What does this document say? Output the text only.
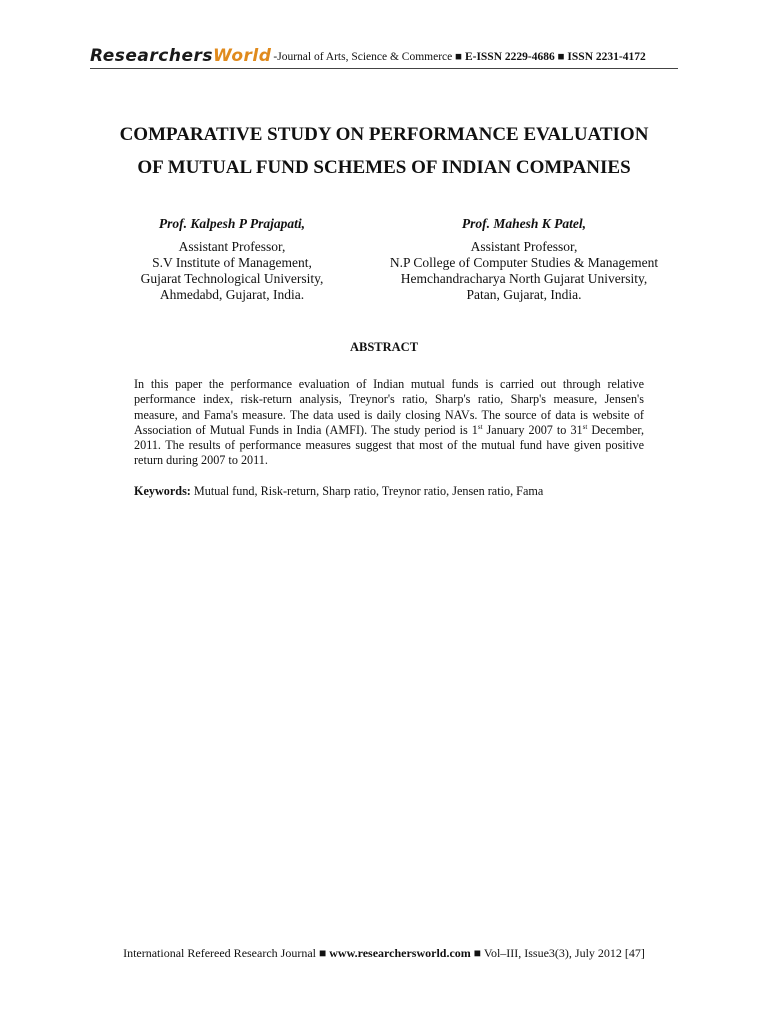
ResearchersWorld -Journal of Arts, Science & Commerce ■ E-ISSN 2229-4686 ■ ISSN 2231-4172
COMPARATIVE STUDY ON PERFORMANCE EVALUATION
OF MUTUAL FUND SCHEMES OF INDIAN COMPANIES
Prof. Kalpesh P Prajapati,
Assistant Professor,
S.V Institute of Management,
Gujarat Technological University,
Ahmedabd, Gujarat, India.
Prof. Mahesh K Patel,
Assistant Professor,
N.P College of Computer Studies & Management
Hemchandracharya North Gujarat University,
Patan, Gujarat, India.
ABSTRACT

In this paper the performance evaluation of Indian mutual funds is carried out through relative performance index, risk-return analysis, Treynor's ratio, Sharp's ratio, Sharp's measure, Jensen's measure, and Fama's measure. The data used is daily closing NAVs. The source of data is website of Association of Mutual Funds in India (AMFI). The study period is 1st January 2007 to 31st December, 2011. The results of performance measures suggest that most of the mutual fund have given positive return during 2007 to 2011.

Keywords: Mutual fund, Risk-return, Sharp ratio, Treynor ratio, Jensen ratio, Fama

International Refereed Research Journal ■ www.researchersworld.com ■ Vol–III, Issue3(3), July 2012 [47]
